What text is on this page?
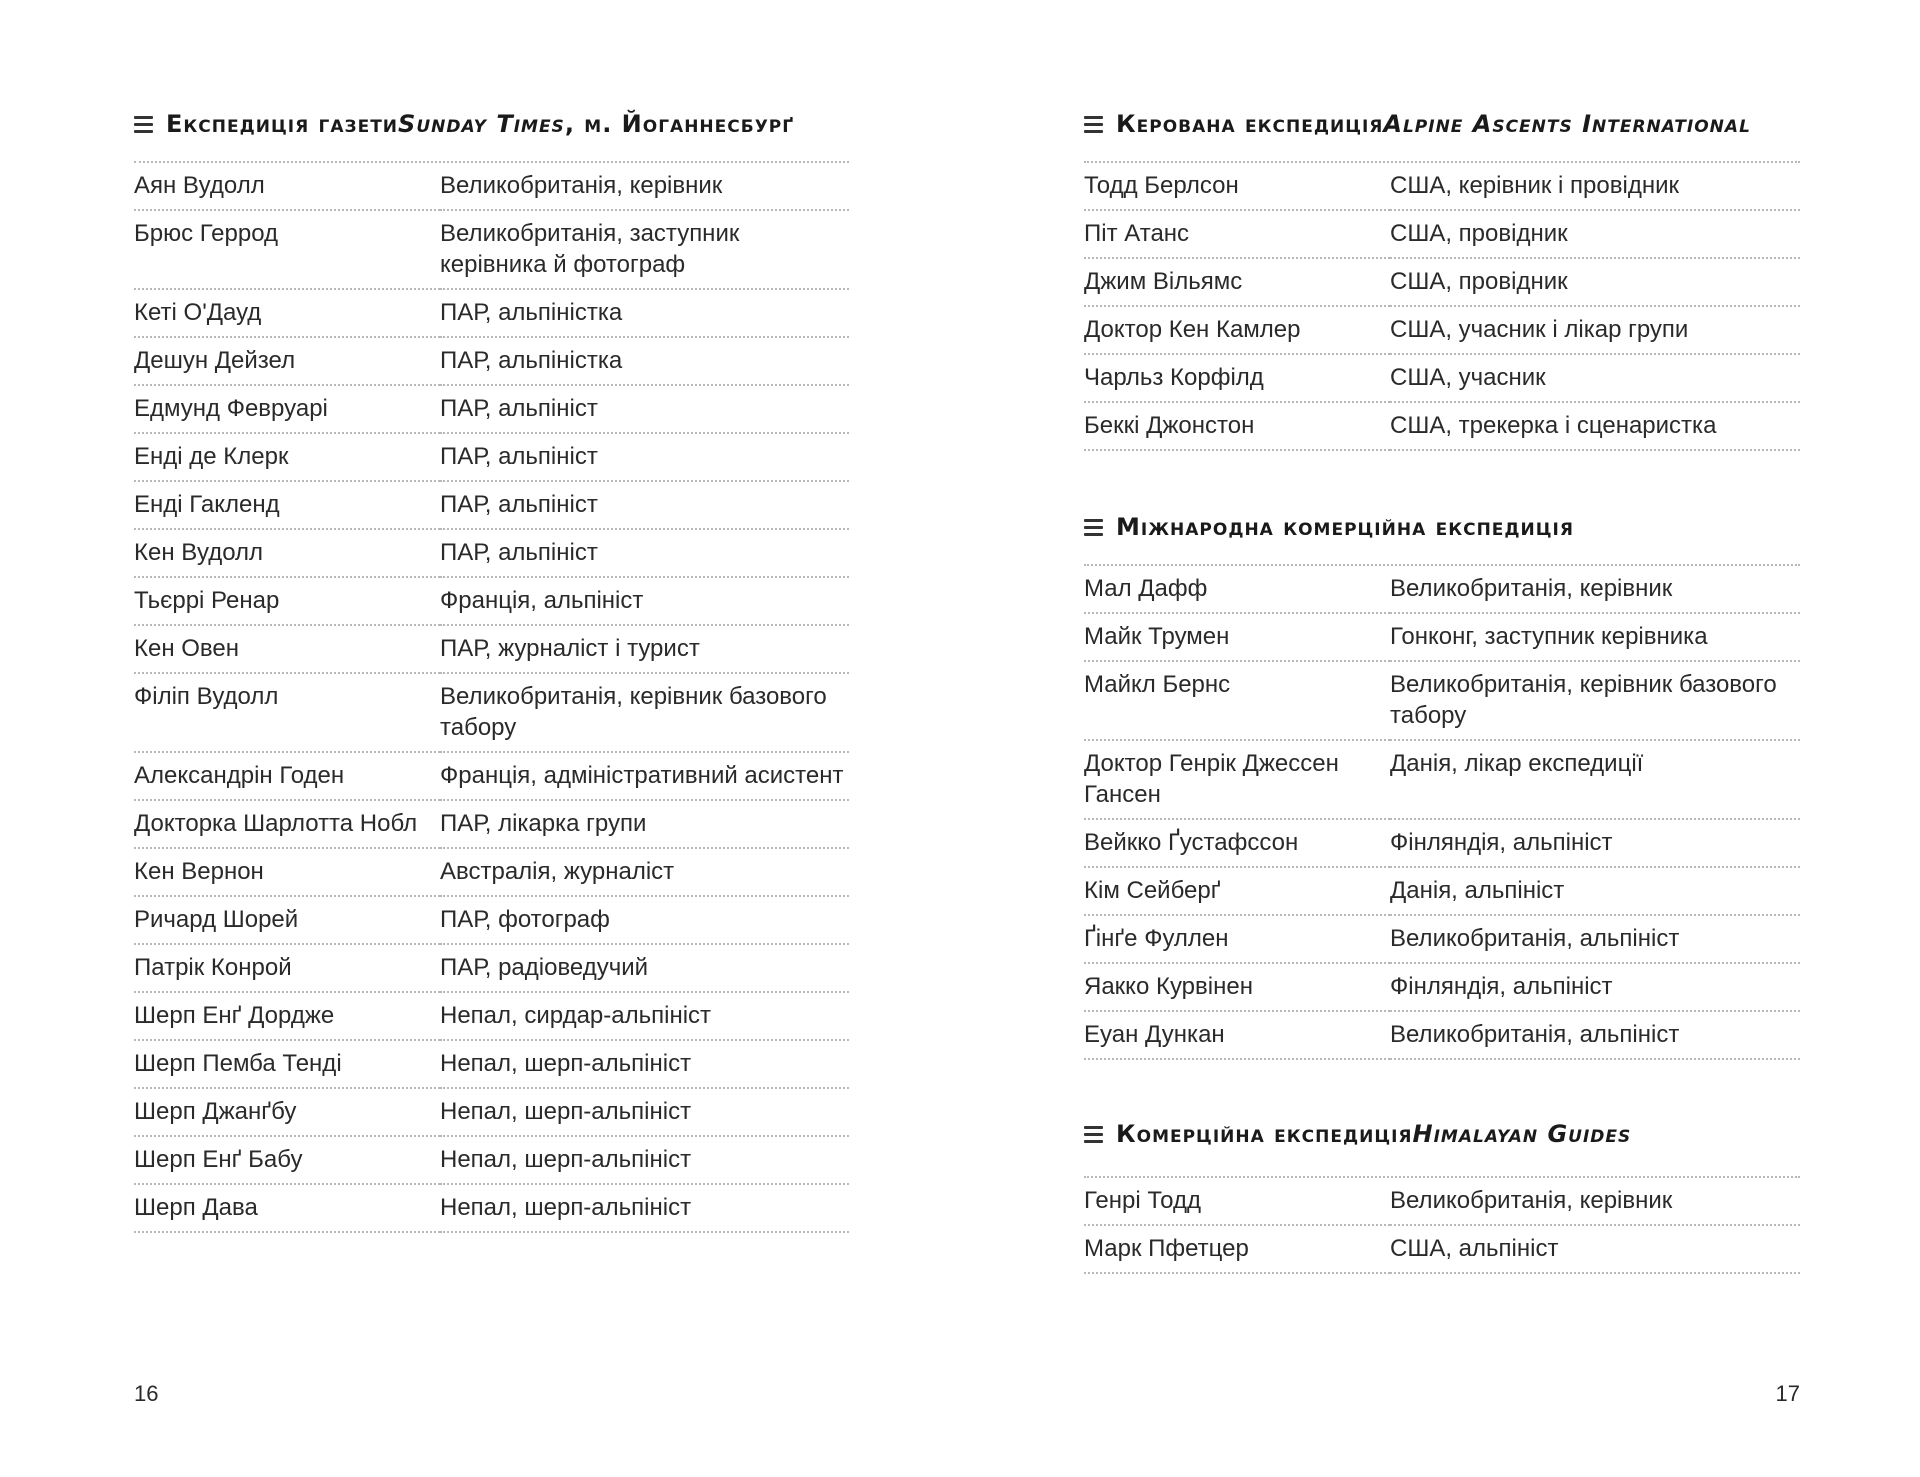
Експедиція газети Sunday Times , м. Йоганнесбурґ
Аян Вудолл	Великобританія, керівник
Брюс Геррод	Великобританія, заступник керівника й фотограф
Кеті О'Дауд	ПАР, альпіністка
Дешун Дейзел	ПАР, альпіністка
Едмунд Февруарі	ПАР, альпініст
Енді де Клерк	ПАР, альпініст
Енді Гакленд	ПАР, альпініст
Кен Вудолл	ПАР, альпініст
Тьєррі Ренар	Франція, альпініст
Кен Овен	ПАР, журналіст і турист
Філіп Вудолл	Великобританія, керівник базового табору
Александрін Годен	Франція, адміністративний асистент
Докторка Шарлотта Нобл	ПАР, лікарка групи
Кен Вернон	Австралія, журналіст
Ричард Шорей	ПАР, фотограф
Патрік Конрой	ПАР, радіоведучий
Шерп Енґ Дордже	Непал, сирдар-альпініст
Шерп Пемба Тенді	Непал, шерп-альпініст
Шерп Джанґбу	Непал, шерп-альпініст
Шерп Енґ Бабу	Непал, шерп-альпініст
Шерп Дава	Непал, шерп-альпініст
16
Керована експедиція Alpine Ascents International
Тодд Берлсон	США, керівник і провідник
Піт Атанс	США, провідник
Джим Вільямс	США, провідник
Доктор Кен Камлер	США, учасник і лікар групи
Чарльз Корфілд	США, учасник
Беккі Джонстон	США, трекерка і сценаристка
Міжнародна комерційна експедиція
Мал Дафф	Великобританія, керівник
Майк Трумен	Гонконг, заступник керівника
Майкл Бернс	Великобританія, керівник базового табору
Доктор Генрік Джессен Гансен	Данія, лікар експедиції
Вейкко Ґустафссон	Фінляндія, альпініст
Кім Сейберґ	Данія, альпініст
Ґінґе Фуллен	Великобританія, альпініст
Яакко Курвінен	Фінляндія, альпініст
Еуан Дункан	Великобританія, альпініст
Комерційна експедиція Himalayan Guides
Генрі Тодд	Великобританія, керівник
Марк Пфетцер	США, альпініст
17
